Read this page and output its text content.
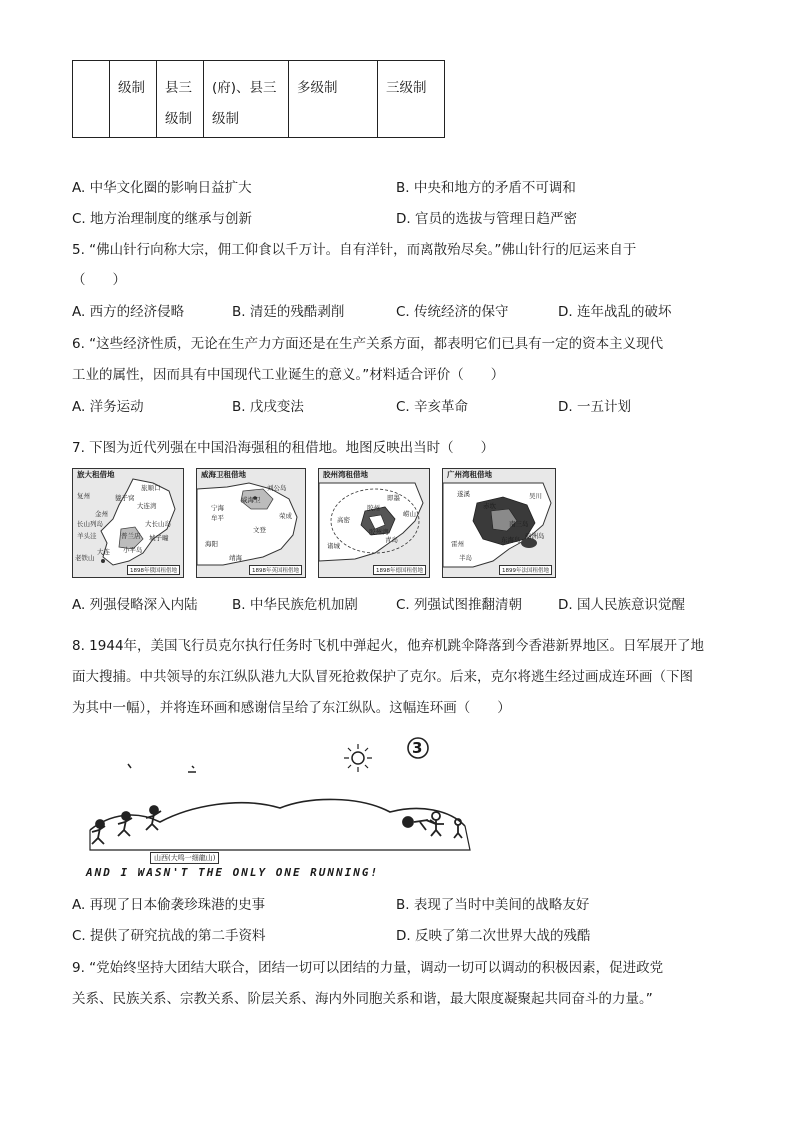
	级制	县三级制	(府)、县三级制	多级制	三级制
A. 中华文化圈的影响日益扩大	B. 中央和地方的矛盾不可调和
C. 地方治理制度的继承与创新	D. 官员的选拔与管理日趋严密
5. “佛山针行向称大宗，佣工仰食以千万计。自有洋针，而离散殆尽矣。”佛山针行的厄运来自于
（　　）
A. 西方的经济侵略	B. 清廷的残酷剥削	C. 传统经济的保守	D. 连年战乱的破坏
6. “这些经济性质，无论在生产力方面还是在生产关系方面，都表明它们已具有一定的资本主义现代
工业的属性，因而具有中国现代工业诞生的意义。”材料适合评价（　　）
A. 洋务运动	B. 戊戌变法	C. 辛亥革命	D. 一五计划
7. 下图为近代列强在中国沿海强租的租借地。地图反映出当时（　　）
旅大租借地
旅顺口
貔子窝
大连湾
金州
复州
长山列岛	大长山岛
羊头洼	普兰店 城子疃
小平岛
老铁山
大连
1898年俄国租借地
威海卫租借地
威海卫
刘公岛
荣成
文登
宁海
牟平
海阳
靖海
1898年英国租借地
胶州湾租借地
即墨
胶州
高密
青岛
诸城
胶州湾
崂山
1898年德国租借地
广州湾租借地
遂溪	吴川
赤坎
硇洲岛
雷州	东海岛
半岛
南三岛
1899年法国租借地
A. 列强侵略深入内陆	B. 中华民族危机加剧	C. 列强试图推翻清朝	D. 国人民族意识觉醒
8. 1944年，美国飞行员克尔执行任务时飞机中弹起火，他弃机跳伞降落到今香港新界地区。日军展开了地
面大搜捕。中共领导的东江纵队港九大队冒死抢救保护了克尔。后来，克尔将逃生经过画成连环画（下图
为其中一幅），并将连环画和感谢信呈给了东江纵队。这幅连环画（　　）
3
山西(大鸣一细龍山)
AND I WASN'T THE ONLY ONE RUNNING!
A. 再现了日本偷袭珍珠港的史事	B. 表现了当时中美间的战略友好
C. 提供了研究抗战的第二手资料	D. 反映了第二次世界大战的残酷
9. “党始终坚持大团结大联合，团结一切可以团结的力量，调动一切可以调动的积极因素，促进政党
关系、民族关系、宗教关系、阶层关系、海内外同胞关系和谐，最大限度凝聚起共同奋斗的力量。”
